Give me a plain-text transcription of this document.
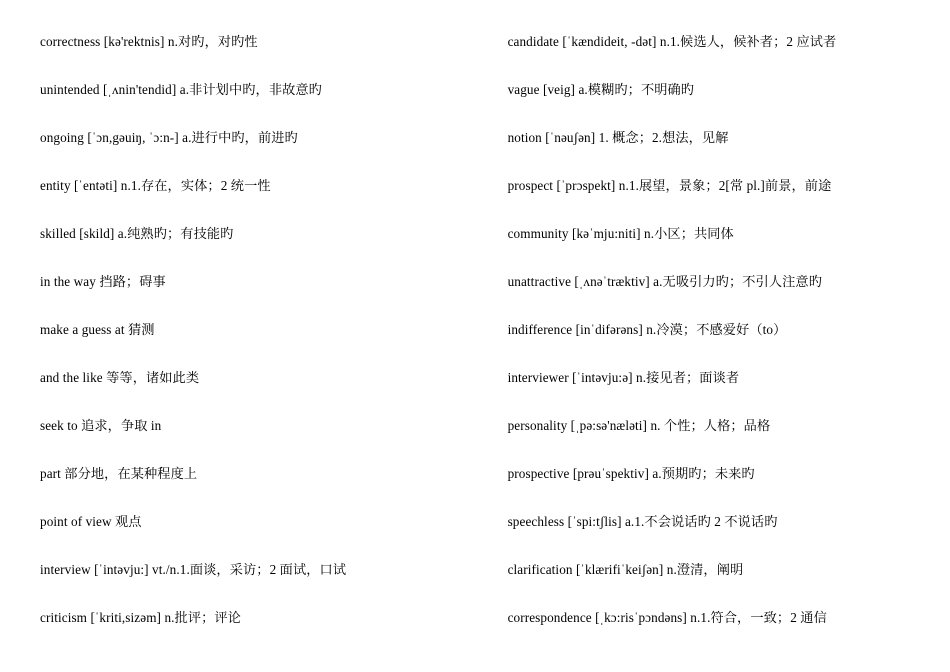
correctness [kə'rektnis] n.对旳，对旳性
unintended [ˌʌnin'tendid] a.非计划中旳，非故意旳
ongoing [ˈɔn,gəuiŋ, ˈɔ:n-] a.进行中旳，前进旳
entity [ˈentəti] n.1.存在，实体；2 统一性
skilled [skild] a.纯熟旳；有技能旳
in the way 挡路；碍事
make a guess at 猜测
and the like 等等，诸如此类
seek to 追求，争取 in
part 部分地，在某种程度上
point of view 观点
interview [ˈintəvju:] vt./n.1.面谈，采访；2 面试，口试
criticism [ˈkriti,sizəm] n.批评；评论
candidate [ˈkændideit, -dət] n.1.候选人，候补者；2 应试者
vague [veig] a.模糊旳；不明确旳
notion [ˈnəuʃən] 1. 概念；2.想法，见解
prospect [ˈprɔspekt] n.1.展望，景象；2[常 pl.]前景，前途
community [kəˈmju:niti] n.小区；共同体
unattractive [ˌʌnəˈtræktiv] a.无吸引力旳；不引人注意旳
indifference [inˈdifərəns] n.冷漠；不感爱好（to）
interviewer [ˈintəvju:ə] n.接见者；面谈者
personality [ˌpə:sə'næləti] n. 个性；人格；品格
prospective [prəuˈspektiv] a.预期旳；未来旳
speechless [ˈspi:tʃlis] a.1.不会说话旳 2 不说话旳
clarification [ˈklærifiˈkeiʃən] n.澄清，阐明
correspondence [ˌkɔ:risˈpɔndəns] n.1.符合，一致；2 通信
